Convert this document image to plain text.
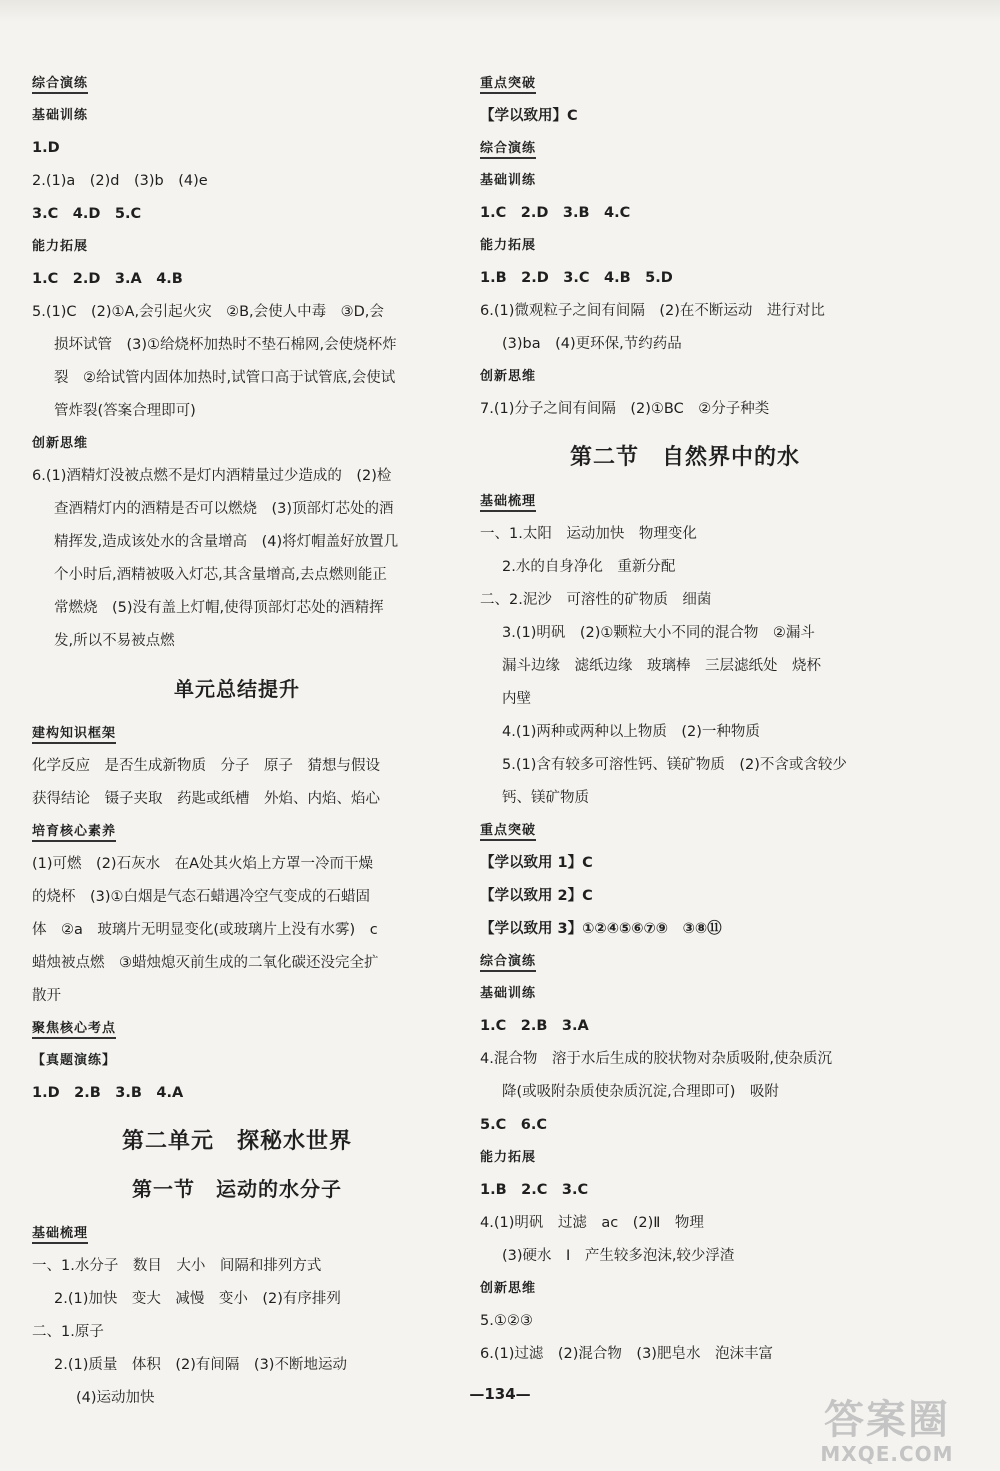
综合演练
基础训练
1.D
2.(1)a　(2)d　(3)b　(4)e
3.C　4.D　5.C
能力拓展
1.C　2.D　3.A　4.B
5.(1)C　(2)①A,会引起火灾　②B,会使人中毒　③D,会
损坏试管　(3)①给烧杯加热时不垫石棉网,会使烧杯炸
裂　②给试管内固体加热时,试管口高于试管底,会使试
管炸裂(答案合理即可)
创新思维
6.(1)酒精灯没被点燃不是灯内酒精量过少造成的　(2)检
查酒精灯内的酒精是否可以燃烧　(3)顶部灯芯处的酒
精挥发,造成该处水的含量增高　(4)将灯帽盖好放置几
个小时后,酒精被吸入灯芯,其含量增高,去点燃则能正
常燃烧　(5)没有盖上灯帽,使得顶部灯芯处的酒精挥
发,所以不易被点燃
单元总结提升
建构知识框架
化学反应　是否生成新物质　分子　原子　猜想与假设
获得结论　镊子夹取　药匙或纸槽　外焰、内焰、焰心
培育核心素养
(1)可燃　(2)石灰水　在A处其火焰上方罩一冷而干燥
的烧杯　(3)①白烟是气态石蜡遇冷空气变成的石蜡固
体　②a　玻璃片无明显变化(或玻璃片上没有水雾)　c
蜡烛被点燃　③蜡烛熄灭前生成的二氧化碳还没完全扩
散开
聚焦核心考点
【真题演练】
1.D　2.B　3.B　4.A
第二单元　探秘水世界
第一节　运动的水分子
基础梳理
一、1.水分子　数目　大小　间隔和排列方式
2.(1)加快　变大　减慢　变小　(2)有序排列
二、1.原子
2.(1)质量　体积　(2)有间隔　(3)不断地运动
(4)运动加快
重点突破
【学以致用】C
综合演练
基础训练
1.C　2.D　3.B　4.C
能力拓展
1.B　2.D　3.C　4.B　5.D
6.(1)微观粒子之间有间隔　(2)在不断运动　进行对比
(3)ba　(4)更环保,节约药品
创新思维
7.(1)分子之间有间隔　(2)①BC　②分子种类
第二节　自然界中的水
基础梳理
一、1.太阳　运动加快　物理变化
2.水的自身净化　重新分配
二、2.泥沙　可溶性的矿物质　细菌
3.(1)明矾　(2)①颗粒大小不同的混合物　②漏斗
漏斗边缘　滤纸边缘　玻璃棒　三层滤纸处　烧杯
内壁
4.(1)两种或两种以上物质　(2)一种物质
5.(1)含有较多可溶性钙、镁矿物质　(2)不含或含较少
钙、镁矿物质
重点突破
【学以致用 1】C
【学以致用 2】C
【学以致用 3】①②④⑤⑥⑦⑨　③⑧⑪
综合演练
基础训练
1.C　2.B　3.A
4.混合物　溶于水后生成的胶状物对杂质吸附,使杂质沉
降(或吸附杂质使杂质沉淀,合理即可)　吸附
5.C　6.C
能力拓展
1.B　2.C　3.C
4.(1)明矾　过滤　ac　(2)Ⅱ　物理
(3)硬水　Ⅰ　产生较多泡沫,较少浮渣
创新思维
5.①②③
6.(1)过滤　(2)混合物　(3)肥皂水　泡沫丰富
—134—
答案圈
MXQE.COM
